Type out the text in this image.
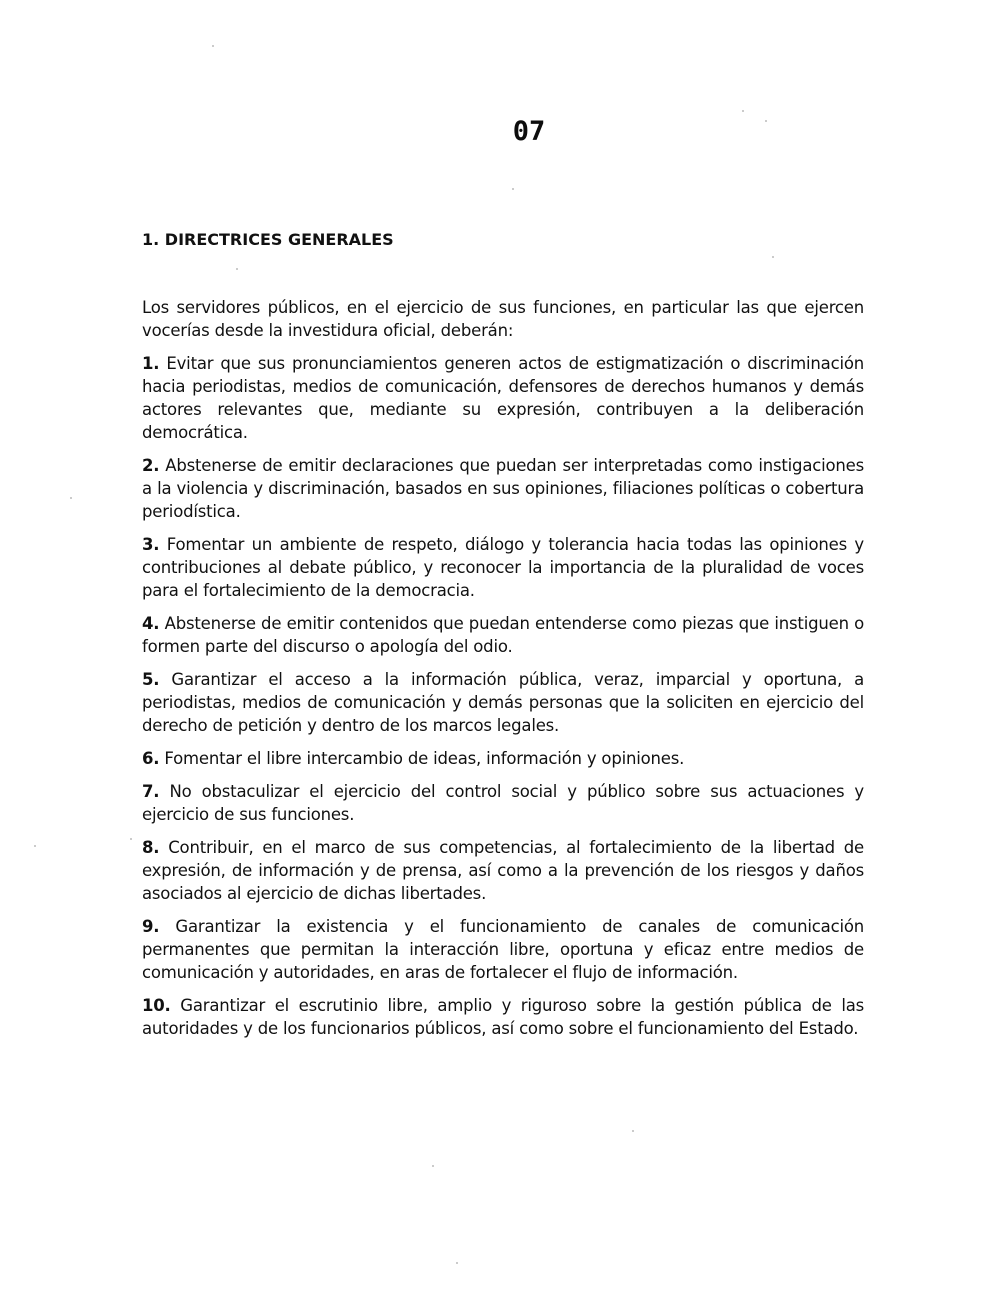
07
1. DIRECTRICES GENERALES

Los servidores públicos, en el ejercicio de sus funciones, en particular las que ejercen vocerías desde la investidura oficial, deberán:

1. Evitar que sus pronunciamientos generen actos de estigmatización o discriminación hacia periodistas, medios de comunicación, defensores de derechos humanos y demás actores relevantes que, mediante su expresión, contribuyen a la deliberación democrática.

2. Abstenerse de emitir declaraciones que puedan ser interpretadas como instigaciones a la violencia y discriminación, basados en sus opiniones, filiaciones políticas o cobertura periodística.

3. Fomentar un ambiente de respeto, diálogo y tolerancia hacia todas las opiniones y contribuciones al debate público, y reconocer la importancia de la pluralidad de voces para el fortalecimiento de la democracia.

4. Abstenerse de emitir contenidos que puedan entenderse como piezas que instiguen o formen parte del discurso o apología del odio.

5. Garantizar el acceso a la información pública, veraz, imparcial y oportuna, a periodistas, medios de comunicación y demás personas que la soliciten en ejercicio del derecho de petición y dentro de los marcos legales.

6. Fomentar el libre intercambio de ideas, información y opiniones.

7. No obstaculizar el ejercicio del control social y público sobre sus actuaciones y ejercicio de sus funciones.

8. Contribuir, en el marco de sus competencias, al fortalecimiento de la libertad de expresión, de información y de prensa, así como a la prevención de los riesgos y daños asociados al ejercicio de dichas libertades.

9. Garantizar la existencia y el funcionamiento de canales de comunicación permanentes que permitan la interacción libre, oportuna y eficaz entre medios de comunicación y autoridades, en aras de fortalecer el flujo de información.

10. Garantizar el escrutinio libre, amplio y riguroso sobre la gestión pública de las autoridades y de los funcionarios públicos, así como sobre el funcionamiento del Estado.
